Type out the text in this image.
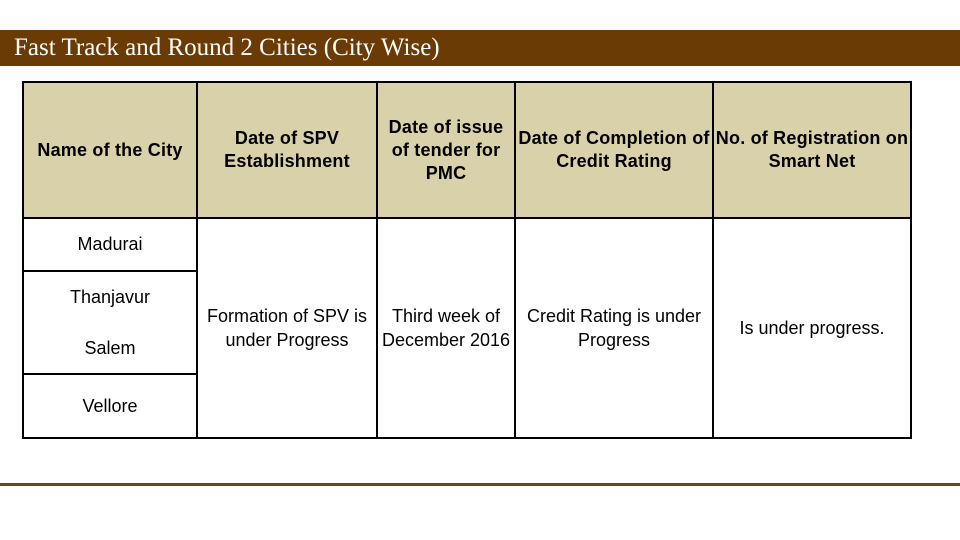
Fast Track and Round 2 Cities (City Wise)
Name of the City	Date of SPV Establishment	Date of issue of tender for PMC	Date of Completion of Credit Rating	No. of Registration on Smart Net
Madurai	Formation of SPV is under Progress	Third week of December 2016	Credit Rating is under Progress	Is under progress.
Thanjavur				
Salem				
Vellore				
